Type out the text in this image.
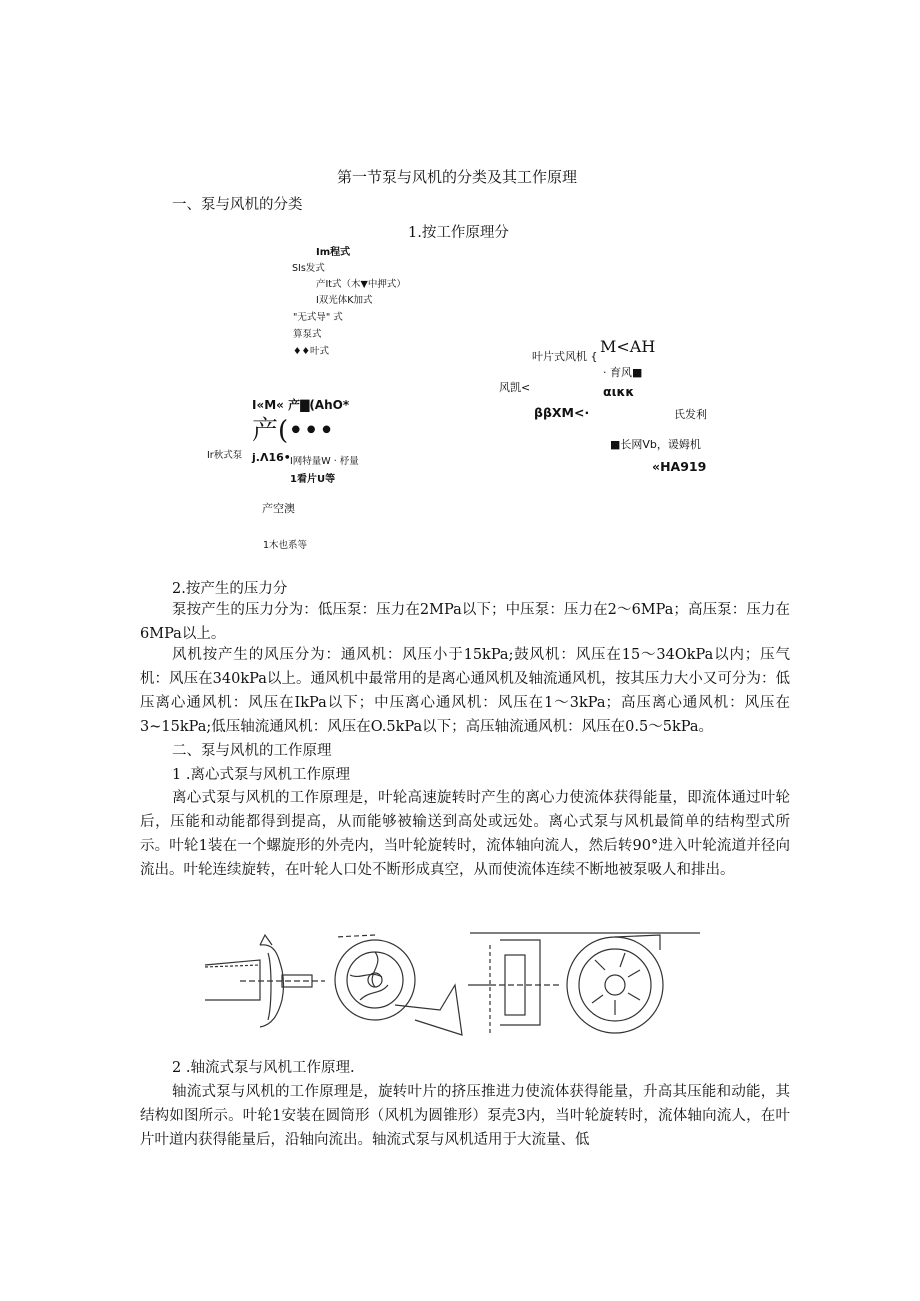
第一节泵与风机的分类及其工作原理
一、泵与风机的分类
1.按工作原理分
Im程式
SIs发式
产It式（木▼中押式）
I双光体K加式
"无式导" 式
算泵式
♦♦叶式
I«M« 产▇(AhO*
产(•••
Ir秋式泵 j.Λ16• I网特量W · 杼量
1看片U等
产空澳
1木也系等
M<AH
叶片式风机 {
· 育风■
风凯<	αικκ
ββXM<·	氏发利
■长网Vb，谖姆机
«HA919
2.按产生的压力分
泵按产生的压力分为：低压泵：压力在2MPa以下；中压泵：压力在2～6MPa；高压泵：压力在6MPa以上。
风机按产生的风压分为：通风机：风压小于15kPa;鼓风机：风压在15～34OkPa以内；压气机：风压在340kPa以上。通风机中最常用的是离心通风机及轴流通风机，按其压力大小又可分为：低压离心通风机：风压在IkPa以下；中压离心通风机：风压在1～3kPa；高压离心通风机：风压在3~15kPa;低压轴流通风机：风压在O.5kPa以下；高压轴流通风机：风压在0.5～5kPa。
二、泵与风机的工作原理
1 .离心式泵与风机工作原理
离心式泵与风机的工作原理是，叶轮高速旋转时产生的离心力使流体获得能量，即流体通过叶轮后，压能和动能都得到提高，从而能够被输送到高处或远处。离心式泵与风机最简单的结构型式所示。叶轮1装在一个螺旋形的外壳内，当叶轮旋转时，流体轴向流人，然后转90°进入叶轮流道并径向流出。叶轮连续旋转，在叶轮人口处不断形成真空，从而使流体连续不断地被泵吸人和排出。
2 .轴流式泵与风机工作原理.
轴流式泵与风机的工作原理是，旋转叶片的挤压推进力使流体获得能量，升高其压能和动能，其结构如图所示。叶轮1安装在圆筒形（风机为圆锥形）泵壳3内，当叶轮旋转时，流体轴向流人，在叶片叶道内获得能量后，沿轴向流出。轴流式泵与风机适用于大流量、低
